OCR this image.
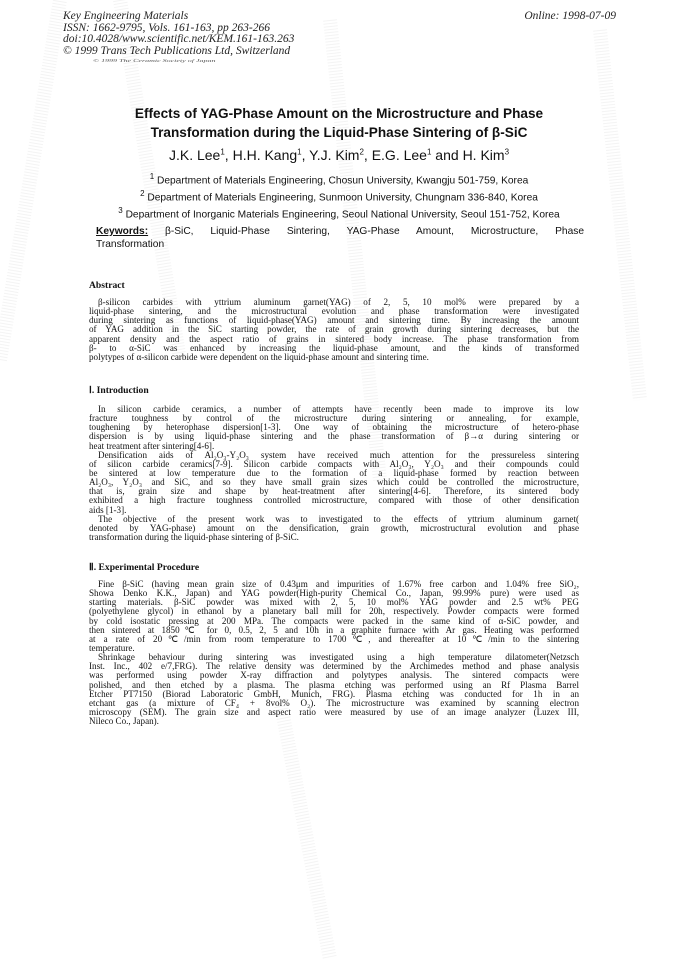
Key Engineering Materials
ISSN: 1662-9795, Vols. 161-163, pp 263-266
doi:10.4028/www.scientific.net/KEM.161-163.263
© 1999 Trans Tech Publications Ltd, Switzerland
Online: 1998-07-09
© 1999 The Ceramic Society of Japan
Effects of YAG-Phase Amount on the Microstructure and Phase
Transformation during the Liquid-Phase Sintering of β-SiC
J.K. Lee$^1$, H.H. Kang$^1$, Y.J. Kim$^2$, E.G. Lee$^1$ and H. Kim$^3$
$^1$ Department of Materials Engineering, Chosun University, Kwangju 501-759, Korea
$^2$ Department of Materials Engineering, Sunmoon University, Chungnam 336-840, Korea
$^3$ Department of Inorganic Materials Engineering, Seoul National University, Seoul 151-752, Korea
Keywords: β-SiC, Liquid-Phase Sintering, YAG-Phase Amount, Microstructure, Phase
Transformation
Abstract
β-silicon carbides with yttrium aluminum garnet(YAG) of 2, 5, 10 mol% were prepared by a
liquid-phase sintering, and the microstructural evolution and phase transformation were investigated
during sintering as functions of liquid-phase(YAG) amount and sintering time. By increasing the amount
of YAG addition in the SiC starting powder, the rate of grain growth during sintering decreases, but the
apparent density and the aspect ratio of grains in sintered body increase. The phase transformation from
β- to α-SiC was enhanced by increasing the liquid-phase amount, and the kinds of transformed
polytypes of α-silicon carbide were dependent on the liquid-phase amount and sintering time.
Ⅰ. Introduction
In silicon carbide ceramics, a number of attempts have recently been made to improve its low
fracture toughness by control of the microstructure during sintering or annealing, for example,
toughening by heterophase dispersion[1-3]. One way of obtaining the microstructure of hetero-phase
dispersion is by using liquid-phase sintering and the phase transformation of β→α during sintering or
heat treatment after sintering[4-6].
Densification aids of Al₂O₃-Y₂O₃ system have received much attention for the pressureless sintering
of silicon carbide ceramics[7-9]. Silicon carbide compacts with Al₂O₃, Y₂O₃ and their compounds could
be sintered at low temperature due to the formation of a liquid-phase formed by reaction between
Al₂O₃, Y₂O₃ and SiC, and so they have small grain sizes which could be controlled the microstructure,
that is, grain size and shape by heat-treatment after sintering[4-6]. Therefore, its sintered body
exhibited a high fracture toughness controlled microstructure, compared with those of other densification
aids [1-3].
The objective of the present work was to investigated to the effects of yttrium aluminum garnet(
denoted by YAG-phase) amount on the densification, grain growth, microstructural evolution and phase
transformation during the liquid-phase sintering of β-SiC.
Ⅱ. Experimental Procedure
Fine β-SiC (having mean grain size of 0.43μm and impurities of 1.67% free carbon and 1.04% free SiO₂,
Showa Denko K.K., Japan) and YAG powder(High-purity Chemical Co., Japan, 99.99% pure) were used as
starting materials. β-SiC powder was mixed with 2, 5, 10 mol% YAG powder and 2.5 wt% PEG
(polyethylene glycol) in ethanol by a planetary ball mill for 20h, respectively. Powder compacts were formed
by cold isostatic pressing at 200 MPa. The compacts were packed in the same kind of α-SiC powder, and
then sintered at 1850℃ for 0, 0.5, 2, 5 and 10h in a graphite furnace with Ar gas. Heating was performed
at a rate of 20℃/min from room temperature to 1700℃, and thereafter at 10℃/min to the sintering
temperature.
Shrinkage behaviour during sintering was investigated using a high temperature dilatometer(Netzsch
Inst. Inc., 402 e/7,FRG). The relative density was determined by the Archimedes method and phase analysis
was performed using powder X-ray diffraction and polytypes analysis. The sintered compacts were
polished, and then etched by a plasma. The plasma etching was performed using an Rf Plasma Barrel
Etcher PT7150 (Biorad Laboratoric GmbH, Munich, FRG). Plasma etching was conducted for 1h in an
etchant gas (a mixture of CF₄ + 8vol% O₂). The microstructure was examined by scanning electron
microscopy (SEM). The grain size and aspect ratio were measured by use of an image analyzer (Luzex III,
Nileco Co., Japan).
